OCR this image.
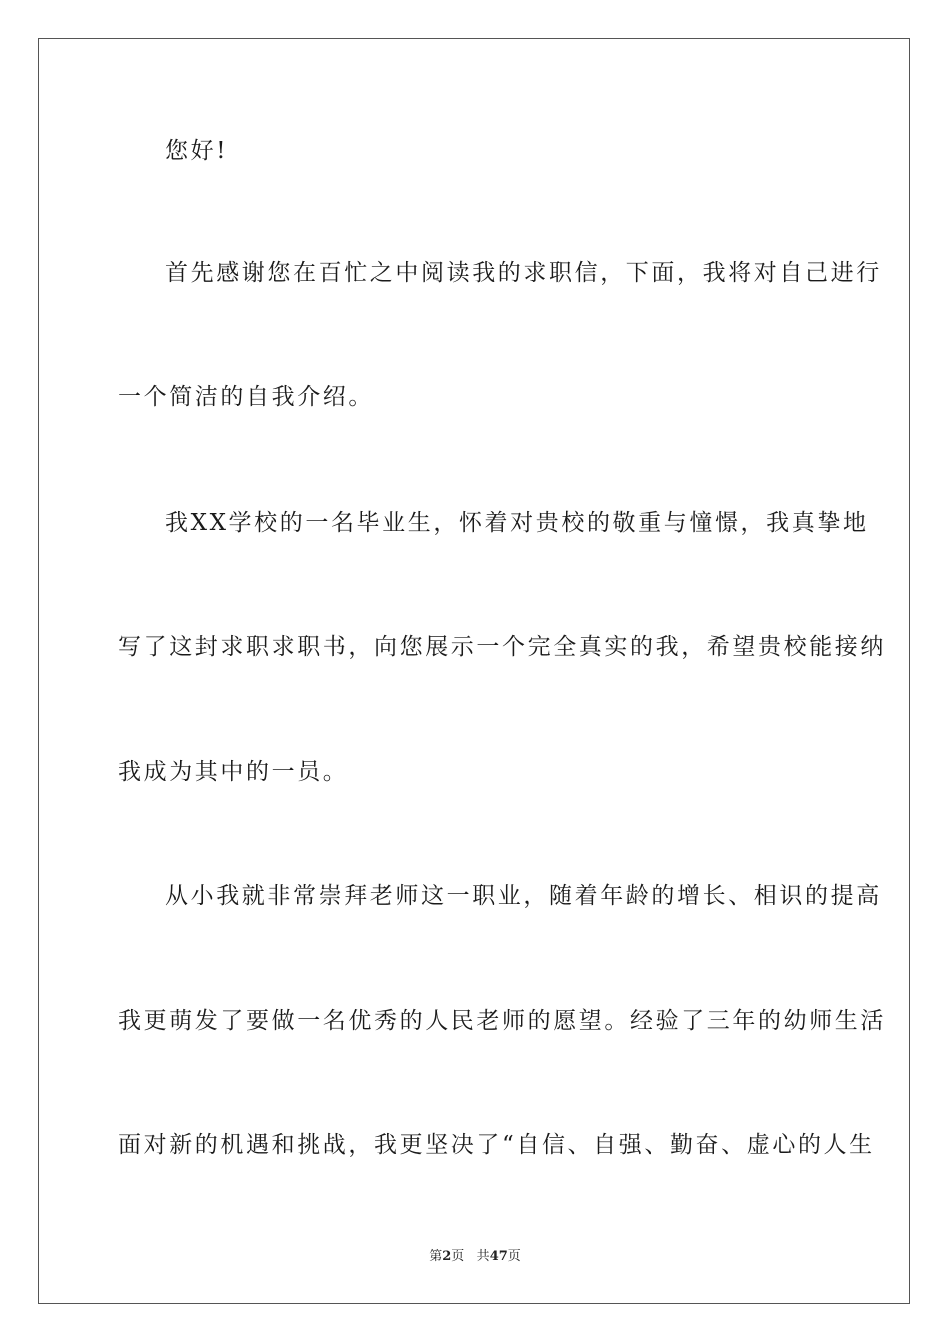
您好!
首先感谢您在百忙之中阅读我的求职信，下面，我将对自己进行
一个简洁的自我介绍。
我XX学校的一名毕业生，怀着对贵校的敬重与憧憬，我真挚地
写了这封求职求职书，向您展示一个完全真实的我，希望贵校能接纳
我成为其中的一员。
从小我就非常崇拜老师这一职业，随着年龄的增长、相识的提高
我更萌发了要做一名优秀的人民老师的愿望。经验了三年的幼师生活
面对新的机遇和挑战，我更坚决了“自信、自强、勤奋、虚心的人生
第2页 共47页
